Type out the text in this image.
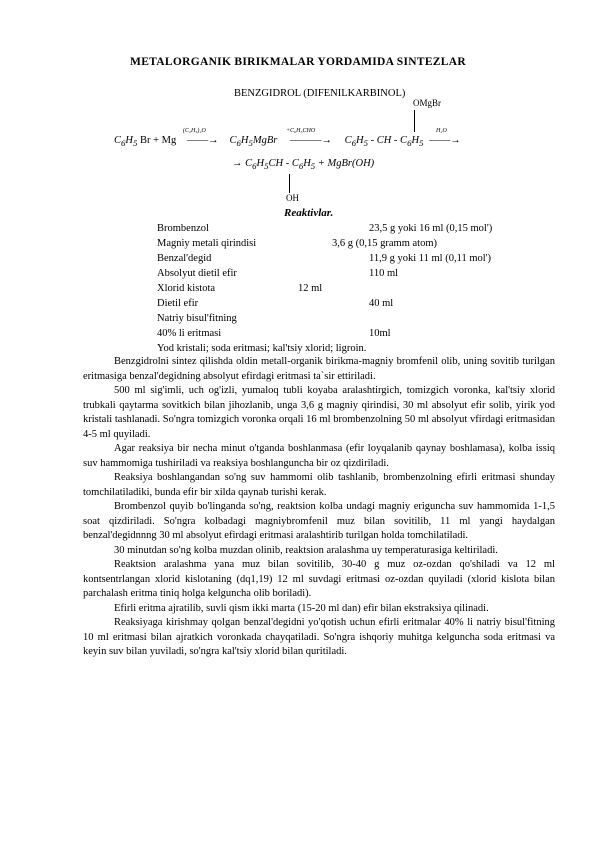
METALORGANIK BIRIKMALAR YORDAMIDA SINTEZLAR
BENZGIDROL (DIFENILKARBINOL)
OMgBr
$C_6H_5$ Br + Mg
(C₂H₅)₂O
——→ $C_6H_5MgBr$
+C₆H₅CHO
———→ $C_6H_5$ - CH - $C_6H_5$
H₂O
——→
→ $C_6H_5CH - C_6H_5$ + MgBr(OH)
OH
Reaktivlar.
Brombenzol	23,5 g yoki 16 ml (0,15 mol')
Magniy metali qirindisi	3,6 g (0,15 gramm atom)
Benzal'degid	11,9 g yoki 11 ml (0,11 mol')
Absolyut dietil efir	110 ml
Xlorid kistota	12 ml
Dietil efir	40 ml
Natriy bisul'fitning
40% li eritmasi	10ml
Yod kristali; soda eritmasi; kal'tsiy xlorid; ligroin.

Benzgidrolni sintez qilishda oldin metall-organik birikma-magniy bromfenil olib, uning sovitib turilgan eritmasiga benzal'degidning absolyut efirdagi eritmasi ta`sir ettiriladi.

500 ml sig'imli, uch og'izli, yumaloq tubli koyaba aralashtirgich, tomizgich voronka, kal'tsiy xlorid trubkali qaytarma sovitkich bilan jihozlanib, unga 3,6 g magniy qirindisi, 30 ml absolyut efir solib, yirik yod kristali tashlanadi. So'ngra tomizgich voronka orqali 16 ml brombenzolning 50 ml absolyut vfirdagi eritmasidan 4-5 ml quyiladi.

Agar reaksiya bir necha minut o'tganda boshlanmasa (efir loyqalanib qaynay boshlamasa), kolba issiq suv hammomiga tushiriladi va reaksiya boshlanguncha bir oz qizdiriladi.

Reaksiya boshlangandan so'ng suv hammomi olib tashlanib, brombenzolning efirli eritmasi shunday tomchilatiladiki, bunda efir bir xilda qaynab turishi kerak.

Brombenzol quyib bo'linganda so'ng, reaktsion kolba undagi magniy eriguncha suv hammomida 1-1,5 soat qizdiriladi. So'ngra kolbadagi magniybromfenil muz bilan sovitilib, 11 ml yangi haydalgan benzal'degidnnng 30 ml absolyut efirdagi eritmasi aralashtirib turilgan holda tomchilatiladi.

30 minutdan so'ng kolba muzdan olinib, reaktsion aralashma uy temperaturasiga keltiriladi.

Reaktsion aralashma yana muz bilan sovitilib, 30-40 g muz oz-ozdan qo'shiladi va 12 ml kontsentrlangan xlorid kislotaning (dq1,19) 12 ml suvdagi eritmasi oz-ozdan quyiladi (xlorid kislota bilan parchalash eritma tiniq holga kelguncha olib boriladi).

Efirli eritma ajratilib, suvli qism ikki marta (15-20 ml dan) efir bilan ekstraksiya qilinadi.

Reaksiyaga kirishmay qolgan benzal'degidni yo'qotish uchun efirli eritmalar 40% li natriy bisul'fitning 10 ml eritmasi bilan ajratkich voronkada chayqatiladi. So'ngra ishqoriy muhitga kelguncha soda eritmasi va keyin suv bilan yuviladi, so'ngra kal'tsiy xlorid bilan quritiladi.
